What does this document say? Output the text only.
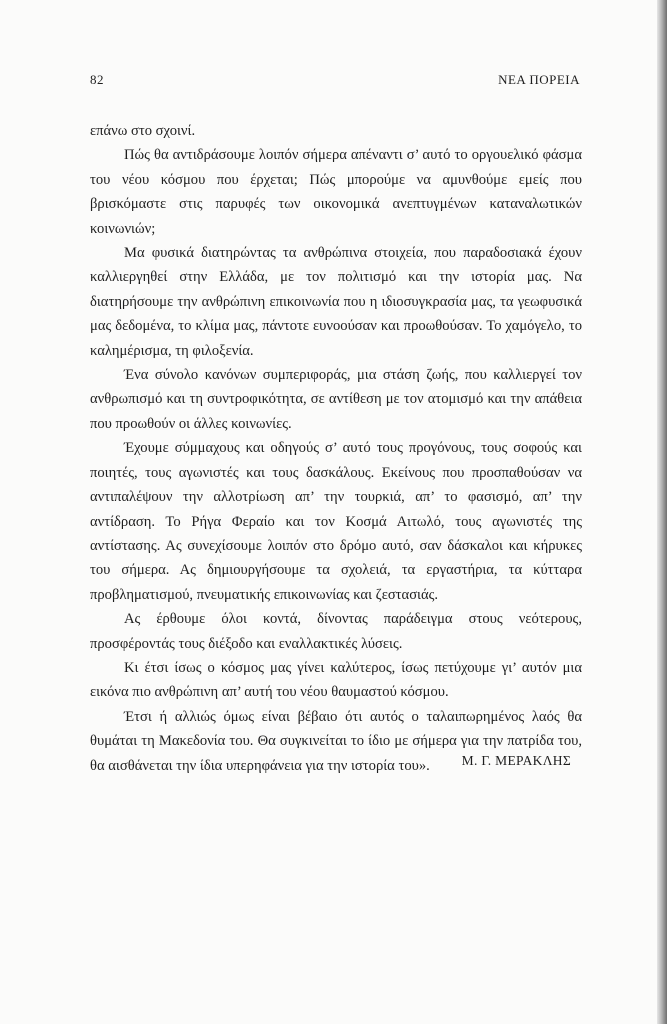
82	ΝΕΑ ΠΟΡΕΙΑ

επάνω στο σχοινί.

Πώς θα αντιδράσουμε λοιπόν σήμερα απέναντι σ’ αυτό το οργουελικό φάσμα του νέου κόσμου που έρχεται; Πώς μπορούμε να αμυνθούμε εμείς που βρισκόμαστε στις παρυφές των οικονομικά ανεπτυγμένων καταναλωτικών κοινωνιών;

Μα φυσικά διατηρώντας τα ανθρώπινα στοιχεία, που παραδοσιακά έχουν καλλιεργηθεί στην Ελλάδα, με τον πολιτισμό και την ιστορία μας. Να διατηρήσουμε την ανθρώπινη επικοινωνία που η ιδιοσυγκρασία μας, τα γεωφυσικά μας δεδομένα, το κλίμα μας, πάντοτε ευνοούσαν και προωθούσαν. Το χαμόγελο, το καλημέρισμα, τη φιλοξενία.

Ένα σύνολο κανόνων συμπεριφοράς, μια στάση ζωής, που καλλιεργεί τον ανθρωπισμό και τη συντροφικότητα, σε αντίθεση με τον ατομισμό και την απάθεια που προωθούν οι άλλες κοινωνίες.

Έχουμε σύμμαχους και οδηγούς σ’ αυτό τους προγόνους, τους σοφούς και ποιητές, τους αγωνιστές και τους δασκάλους. Εκείνους που προσπαθούσαν να αντιπαλέψουν την αλλοτρίωση απ’ την τουρκιά, απ’ το φασισμό, απ’ την αντίδραση. Το Ρήγα Φεραίο και τον Κοσμά Αιτωλό, τους αγωνιστές της αντίστασης. Ας συνεχίσουμε λοιπόν στο δρόμο αυτό, σαν δάσκαλοι και κήρυκες του σήμερα. Ας δημιουργήσουμε τα σχολειά, τα εργαστήρια, τα κύτταρα προβληματισμού, πνευματικής επικοινωνίας και ζεστασιάς.

Ας έρθουμε όλοι κοντά, δίνοντας παράδειγμα στους νεότερους, προσφέροντάς τους διέξοδο και εναλλακτικές λύσεις.

Κι έτσι ίσως ο κόσμος μας γίνει καλύτερος, ίσως πετύχουμε γι’ αυτόν μια εικόνα πιο ανθρώπινη απ’ αυτή του νέου θαυμαστού κόσμου.

Έτσι ή αλλιώς όμως είναι βέβαιο ότι αυτός ο ταλαιπωρημένος λαός θα θυμάται τη Μακεδονία του. Θα συγκινείται το ίδιο με σήμερα για την πατρίδα του, θα αισθάνεται την ίδια υπερηφάνεια για την ιστορία του».	Μ. Γ. ΜΕΡΑΚΛΗΣ
